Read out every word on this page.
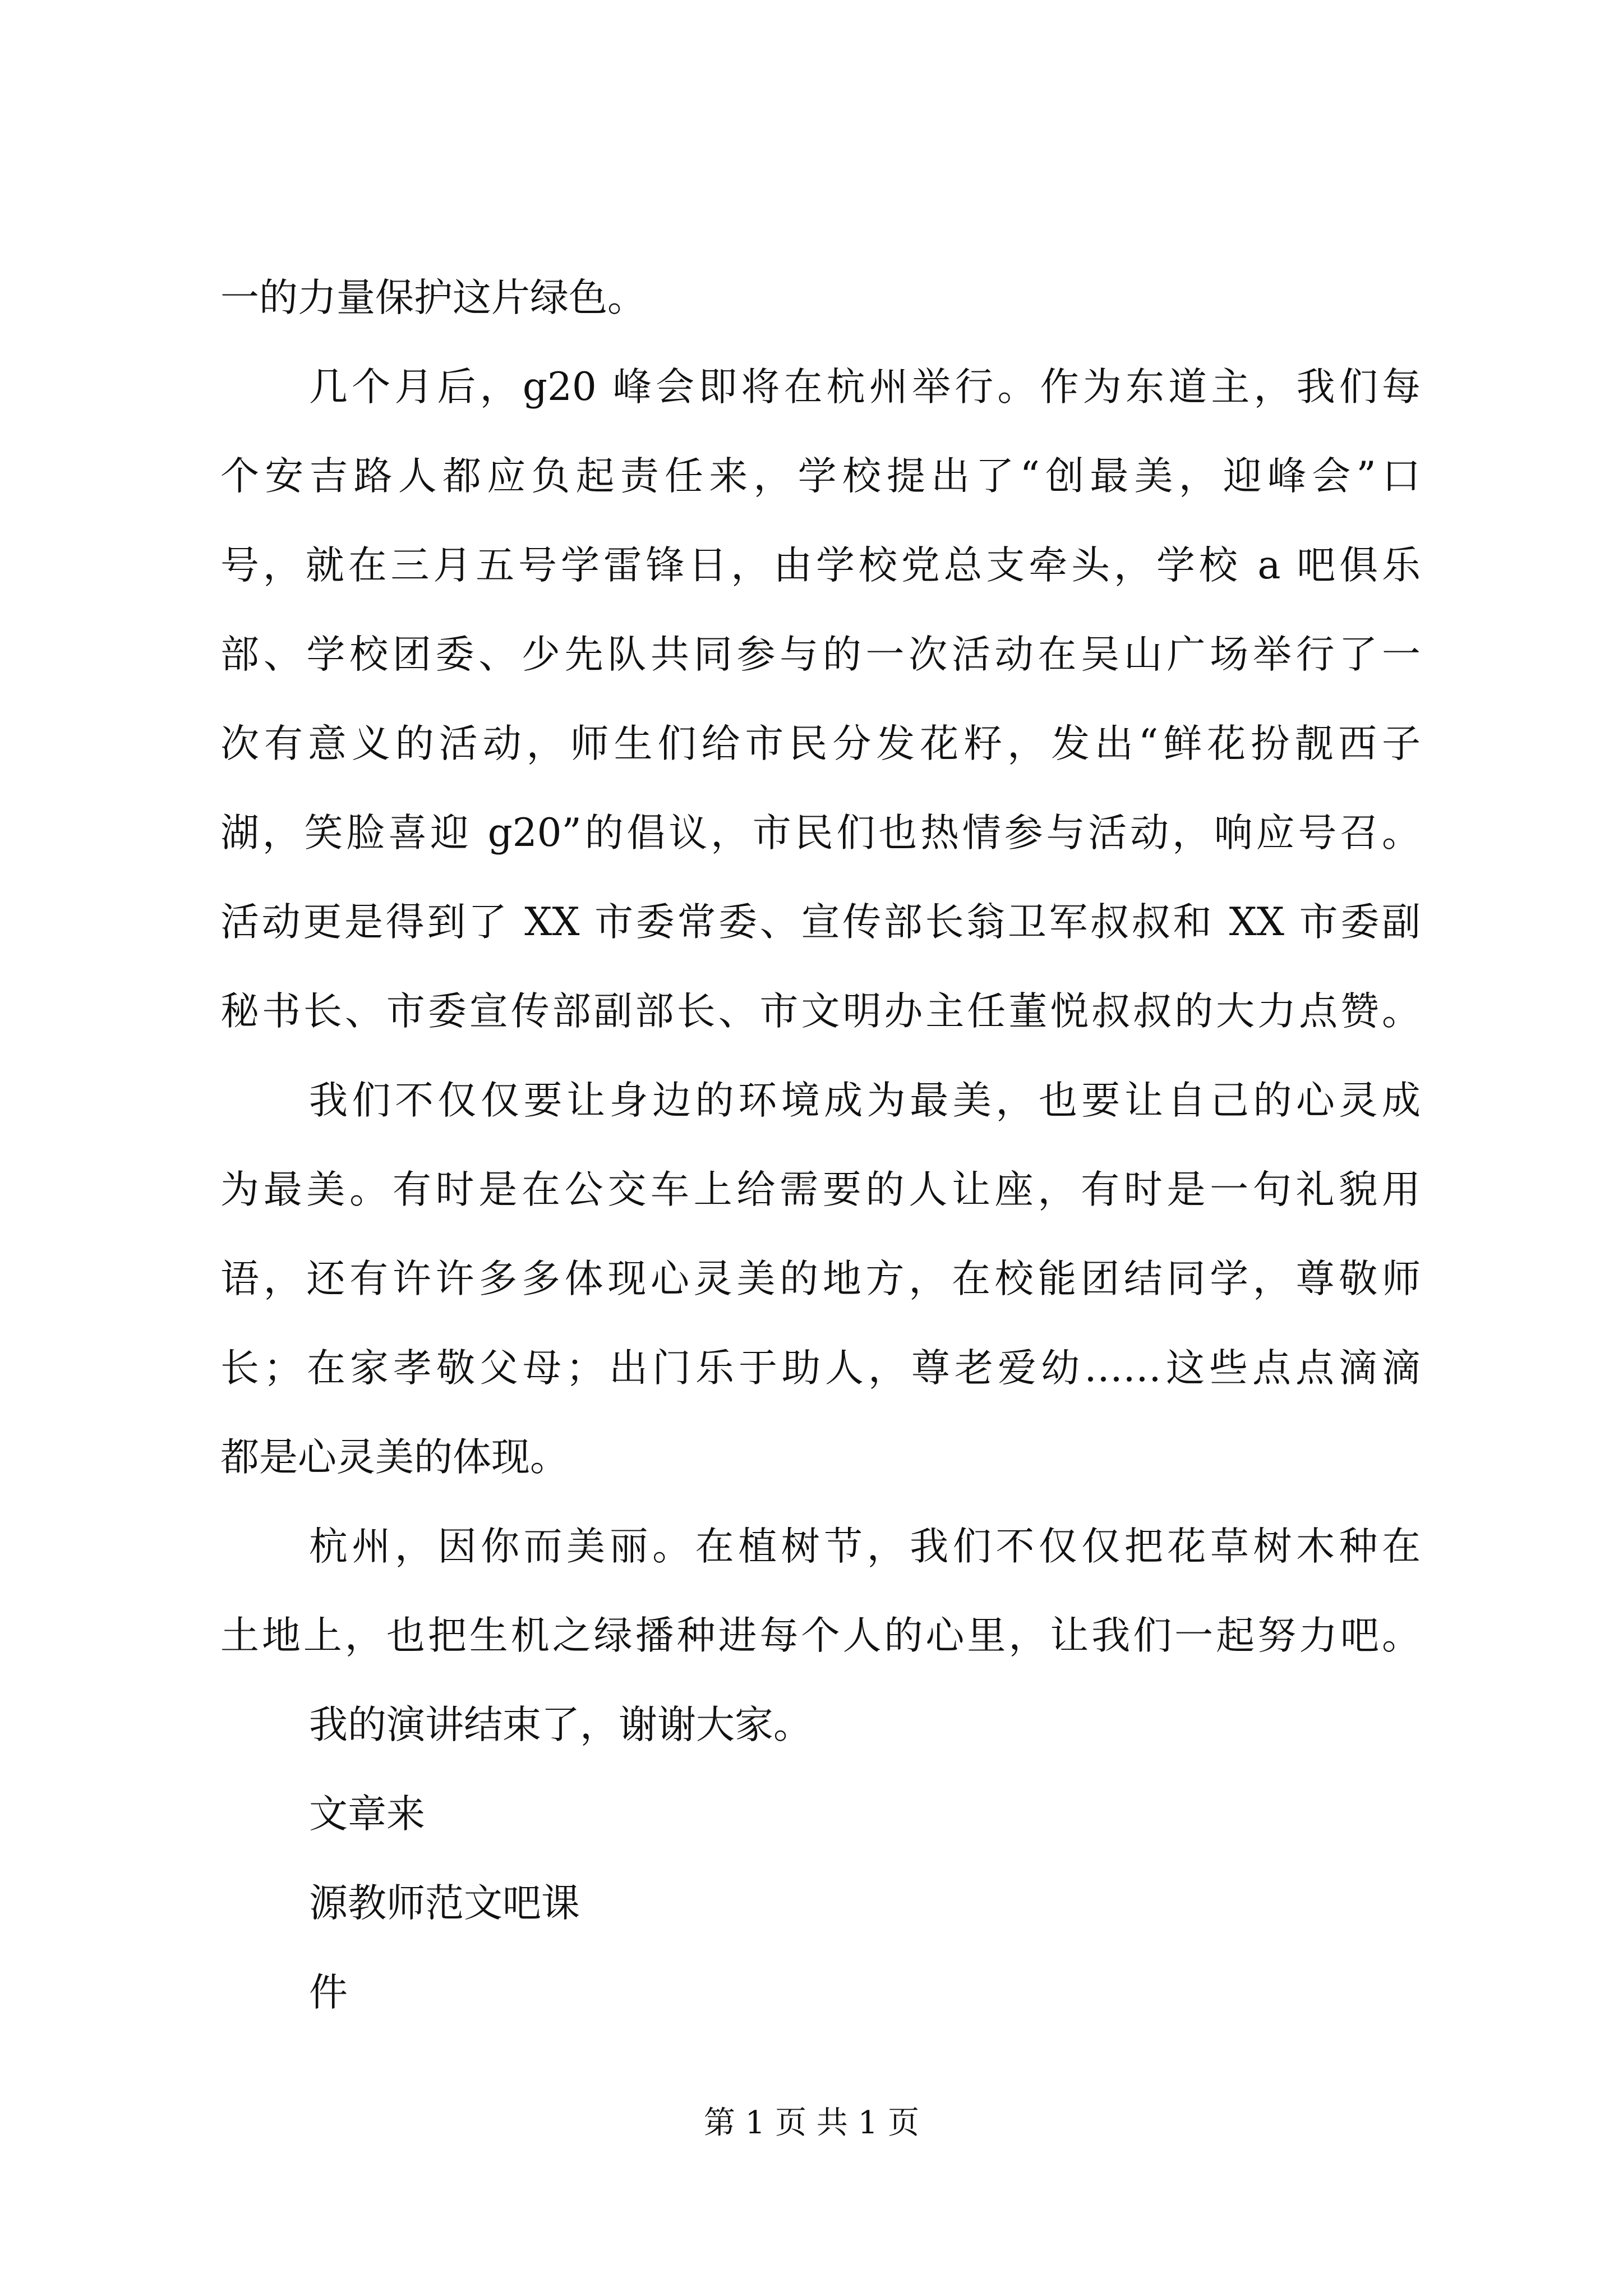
一的力量保护这片绿色。
几个月后，g20 峰会即将在杭州举行。作为东道主，我们每
个安吉路人都应负起责任来，学校提出了“创最美，迎峰会”口
号，就在三月五号学雷锋日，由学校党总支牵头，学校 a 吧俱乐
部、学校团委、少先队共同参与的一次活动在吴山广场举行了一
次有意义的活动，师生们给市民分发花籽，发出“鲜花扮靓西子
湖，笑脸喜迎 g20”的倡议，市民们也热情参与活动，响应号召。
活动更是得到了 XX 市委常委、宣传部长翁卫军叔叔和 XX 市委副
秘书长、市委宣传部副部长、市文明办主任董悦叔叔的大力点赞。
我们不仅仅要让身边的环境成为最美，也要让自己的心灵成
为最美。有时是在公交车上给需要的人让座，有时是一句礼貌用
语，还有许许多多体现心灵美的地方，在校能团结同学，尊敬师
长；在家孝敬父母；出门乐于助人，尊老爱幼……这些点点滴滴
都是心灵美的体现。
杭州，因你而美丽。在植树节，我们不仅仅把花草树木种在
土地上，也把生机之绿播种进每个人的心里，让我们一起努力吧。
我的演讲结束了，谢谢大家。
文章来
源教师范文吧课
件
第 1 页 共 1 页
